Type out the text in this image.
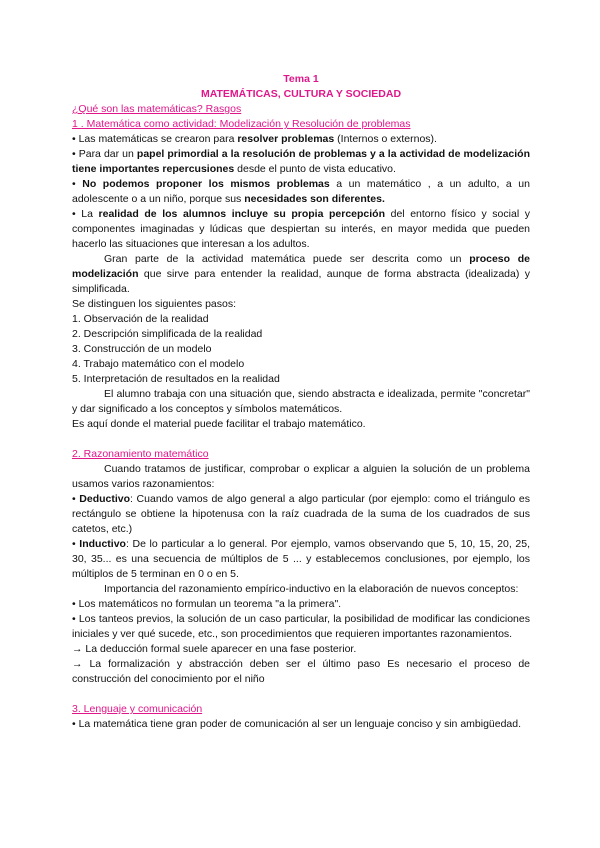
Tema 1

MATEMÁTICAS, CULTURA Y SOCIEDAD

¿Qué son las matemáticas? Rasgos

1 . Matemática como actividad: Modelización y Resolución de problemas

• Las matemáticas se crearon para resolver problemas (Internos o externos).

• Para dar un papel primordial a la resolución de problemas y a la actividad de modelización tiene importantes repercusiones desde el punto de vista educativo.

• No podemos proponer los mismos problemas a un matemático , a un adulto, a un adolescente o a un niño, porque sus necesidades son diferentes.

• La realidad de los alumnos incluye su propia percepción del entorno físico y social y componentes imaginadas y lúdicas que despiertan su interés, en mayor medida que pueden hacerlo las situaciones que interesan a los adultos.

Gran parte de la actividad matemática puede ser descrita como un proceso de modelización que sirve para entender la realidad, aunque de forma abstracta (idealizada) y simplificada.

Se distinguen los siguientes pasos:

1. Observación de la realidad

2. Descripción simplificada de la realidad

3. Construcción de un modelo

4. Trabajo matemático con el modelo

5. Interpretación de resultados en la realidad

El alumno trabaja con una situación que, siendo abstracta e idealizada, permite "concretar" y dar significado a los conceptos y símbolos matemáticos.

Es aquí donde el material puede facilitar el trabajo matemático.

2. Razonamiento matemático

Cuando tratamos de justificar, comprobar o explicar a alguien la solución de un problema usamos varios razonamientos:

• Deductivo: Cuando vamos de algo general a algo particular (por ejemplo: como el triángulo es rectángulo se obtiene la hipotenusa con la raíz cuadrada de la suma de los cuadrados de sus catetos, etc.)

• Inductivo: De lo particular a lo general. Por ejemplo, vamos observando que 5, 10, 15, 20, 25, 30, 35... es una secuencia de múltiplos de 5 ... y establecemos conclusiones, por ejemplo, los múltiplos de 5 terminan en 0 o en 5.

Importancia del razonamiento empírico-inductivo en la elaboración de nuevos conceptos:

• Los matemáticos no formulan un teorema "a la primera".

• Los tanteos previos, la solución de un caso particular, la posibilidad de modificar las condiciones iniciales y ver qué sucede, etc., son procedimientos que requieren importantes razonamientos.

→ La deducción formal suele aparecer en una fase posterior.

→ La formalización y abstracción deben ser el último paso Es necesario el proceso de construcción del conocimiento por el niño

3. Lenguaje y comunicación

• La matemática tiene gran poder de comunicación al ser un lenguaje conciso y sin ambigüedad.
